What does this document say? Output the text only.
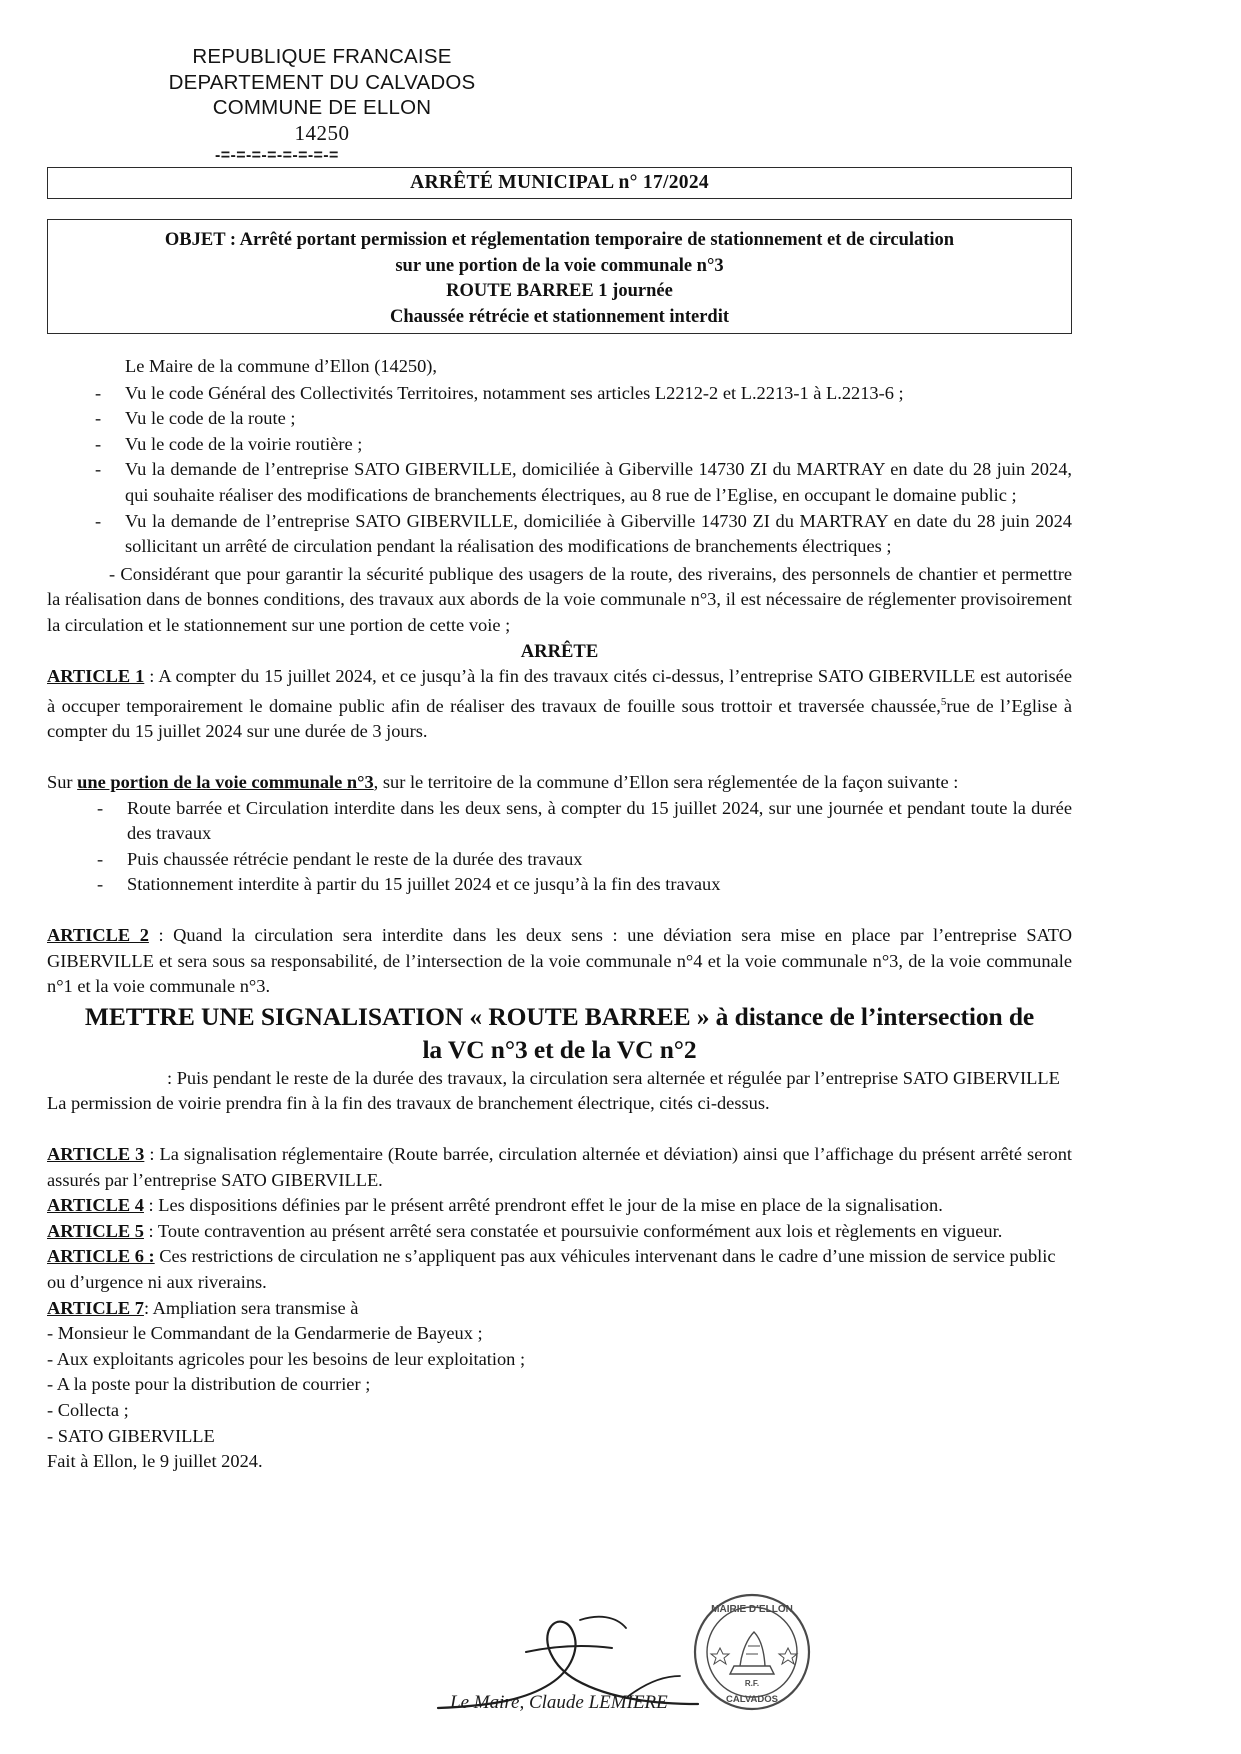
REPUBLIQUE FRANCAISE
DEPARTEMENT DU CALVADOS
COMMUNE DE ELLON
14250
-=-=-=-=-=-=-=-=
ARRÊTÉ MUNICIPAL n° 17/2024
OBJET : Arrêté portant permission et réglementation temporaire de stationnement et de circulation
sur une portion de la voie communale n°3
ROUTE BARREE 1 journée
Chaussée rétrécie et stationnement interdit

Le Maire de la commune d’Ellon (14250),

- Vu le code Général des Collectivités Territoires, notamment ses articles L2212-2 et L.2213-1 à L.2213-6 ;
- Vu le code de la route ;
- Vu le code de la voirie routière ;
- Vu la demande de l’entreprise SATO GIBERVILLE, domiciliée à Giberville 14730 ZI du MARTRAY en date du 28 juin 2024, qui souhaite réaliser des modifications de branchements électriques, au 8 rue de l’Eglise, en occupant le domaine public ;
- Vu la demande de l’entreprise SATO GIBERVILLE, domiciliée à Giberville 14730 ZI du MARTRAY en date du 28 juin 2024 sollicitant un arrêté de circulation pendant la réalisation des modifications de branchements électriques ;

- Considérant que pour garantir la sécurité publique des usagers de la route, des riverains, des personnels de chantier et permettre la réalisation dans de bonnes conditions, des travaux aux abords de la voie communale n°3, il est nécessaire de réglementer provisoirement la circulation et le stationnement sur une portion de cette voie ;

ARRÊTE

ARTICLE 1 : A compter du 15 juillet 2024, et ce jusqu’à la fin des travaux cités ci-dessus, l’entreprise SATO GIBERVILLE est autorisée à occuper temporairement le domaine public afin de réaliser des travaux de fouille sous trottoir et traversée chaussée,$^5$rue de l’Eglise à compter du 15 juillet 2024 sur une durée de 3 jours.

Sur une portion de la voie communale n°3, sur le territoire de la commune d’Ellon sera réglementée de la façon suivante :

- Route barrée et Circulation interdite dans les deux sens, à compter du 15 juillet 2024, sur une journée et pendant toute la durée des travaux
- Puis chaussée rétrécie pendant le reste de la durée des travaux
- Stationnement interdite à partir du 15 juillet 2024 et ce jusqu’à la fin des travaux

ARTICLE 2 : Quand la circulation sera interdite dans les deux sens : une déviation sera mise en place par l’entreprise SATO GIBERVILLE et sera sous sa responsabilité, de l’intersection de la voie communale n°4 et la voie communale n°3, de la voie communale n°1 et la voie communale n°3.

METTRE UNE SIGNALISATION « ROUTE BARREE » à distance de l’intersection de

la VC n°3 et de la VC n°2

: Puis pendant le reste de la durée des travaux, la circulation sera alternée et régulée par l’entreprise SATO GIBERVILLE

La permission de voirie prendra fin à la fin des travaux de branchement électrique, cités ci-dessus.

ARTICLE 3 : La signalisation réglementaire (Route barrée, circulation alternée et déviation) ainsi que l’affichage du présent arrêté seront assurés par l’entreprise SATO GIBERVILLE.

ARTICLE 4 : Les dispositions définies par le présent arrêté prendront effet le jour de la mise en place de la signalisation.

ARTICLE 5 : Toute contravention au présent arrêté sera constatée et poursuivie conformément aux lois et règlements en vigueur.

ARTICLE 6 : Ces restrictions de circulation ne s’appliquent pas aux véhicules intervenant dans le cadre d’une mission de service public ou d’urgence ni aux riverains.

ARTICLE 7: Ampliation sera transmise à

- Monsieur le Commandant de la Gendarmerie de Bayeux ;

- Aux exploitants agricoles pour les besoins de leur exploitation ;

- A la poste pour la distribution de courrier ;

- Collecta ;

- SATO GIBERVILLE

Fait à Ellon, le 9 juillet 2024.

Le Maire, Claude LEMIERE
MAIRIE D’ELLON
R.F.
CALVADOS
